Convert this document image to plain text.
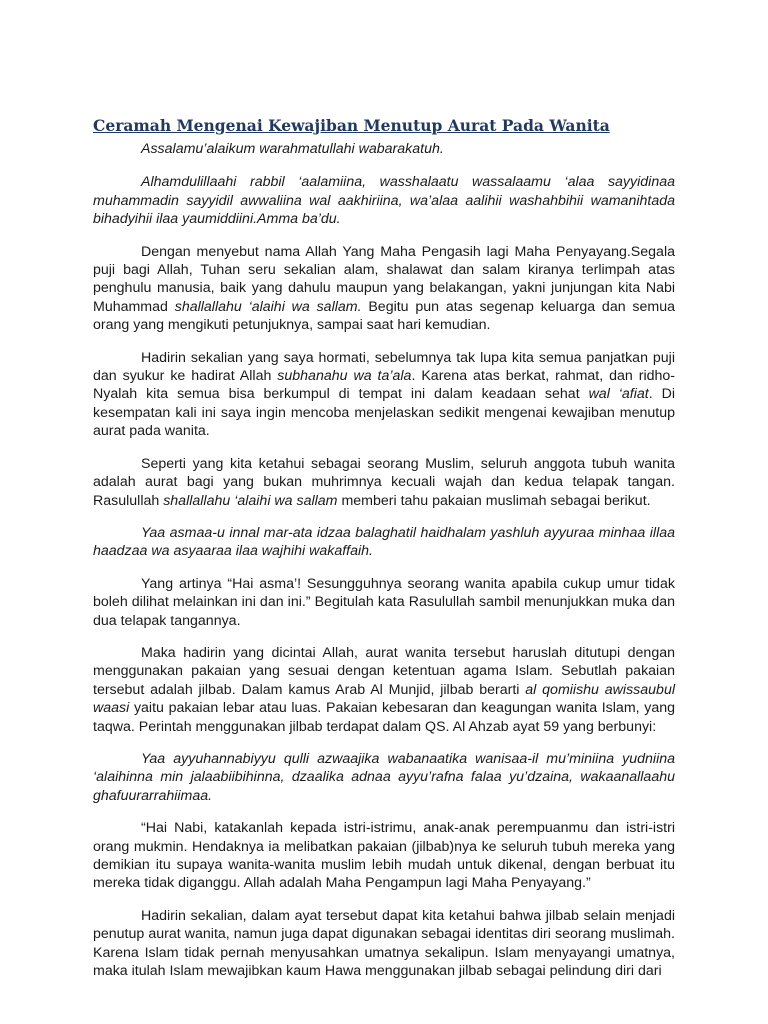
Ceramah Mengenai Kewajiban Menutup Aurat Pada Wanita

Assalamu’alaikum warahmatullahi wabarakatuh.

Alhamdulillaahi rabbil ‘aalamiina, wasshalaatu wassalaamu ‘alaa sayyidinaa muhammadin sayyidil awwaliina wal aakhiriina, wa’alaa aalihii washahbihii wamanihtada bihadyihii ilaa yaumiddiini.Amma ba’du.

Dengan menyebut nama Allah Yang Maha Pengasih lagi Maha Penyayang.Segala puji bagi Allah, Tuhan seru sekalian alam, shalawat dan salam kiranya terlimpah atas penghulu manusia, baik yang dahulu maupun yang belakangan, yakni junjungan kita Nabi Muhammad shallallahu ‘alaihi wa sallam. Begitu pun atas segenap keluarga dan semua orang yang mengikuti petunjuknya, sampai saat hari kemudian.

Hadirin sekalian yang saya hormati, sebelumnya tak lupa kita semua panjatkan puji dan syukur ke hadirat Allah subhanahu wa ta’ala. Karena atas berkat, rahmat, dan ridho-Nyalah kita semua bisa berkumpul di tempat ini dalam keadaan sehat wal ‘afiat. Di kesempatan kali ini saya ingin mencoba menjelaskan sedikit mengenai kewajiban menutup aurat pada wanita.

Seperti yang kita ketahui sebagai seorang Muslim, seluruh anggota tubuh wanita adalah aurat bagi yang bukan muhrimnya kecuali wajah dan kedua telapak tangan. Rasulullah shallallahu ‘alaihi wa sallam memberi tahu pakaian muslimah sebagai berikut.

Yaa asmaa-u innal mar-ata idzaa balaghatil haidhalam yashluh ayyuraa minhaa illaa haadzaa wa asyaaraa ilaa wajhihi wakaffaih.

Yang artinya “Hai asma’! Sesungguhnya seorang wanita apabila cukup umur tidak boleh dilihat melainkan ini dan ini.” Begitulah kata Rasulullah sambil menunjukkan muka dan dua telapak tangannya.

Maka hadirin yang dicintai Allah, aurat wanita tersebut haruslah ditutupi dengan menggunakan pakaian yang sesuai dengan ketentuan agama Islam. Sebutlah pakaian tersebut adalah jilbab. Dalam kamus Arab Al Munjid, jilbab berarti al qomiishu awissaubul waasi yaitu pakaian lebar atau luas. Pakaian kebesaran dan keagungan wanita Islam, yang taqwa. Perintah menggunakan jilbab terdapat dalam QS. Al Ahzab ayat 59 yang berbunyi:

Yaa ayyuhannabiyyu qulli azwaajika wabanaatika wanisaa-il mu’miniina yudniina ‘alaihinna min jalaabiibihinna, dzaalika adnaa ayyu’rafna falaa yu’dzaina, wakaanallaahu ghafuurarrahiimaa.

“Hai Nabi, katakanlah kepada istri-istrimu, anak-anak perempuanmu dan istri-istri orang mukmin. Hendaknya ia melibatkan pakaian (jilbab)nya ke seluruh tubuh mereka yang demikian itu supaya wanita-wanita muslim lebih mudah untuk dikenal, dengan berbuat itu mereka tidak diganggu. Allah adalah Maha Pengampun lagi Maha Penyayang.”

Hadirin sekalian, dalam ayat tersebut dapat kita ketahui bahwa jilbab selain menjadi penutup aurat wanita, namun juga dapat digunakan sebagai identitas diri seorang muslimah. Karena Islam tidak pernah menyusahkan umatnya sekalipun. Islam menyayangi umatnya, maka itulah Islam mewajibkan kaum Hawa menggunakan jilbab sebagai pelindung diri dari
